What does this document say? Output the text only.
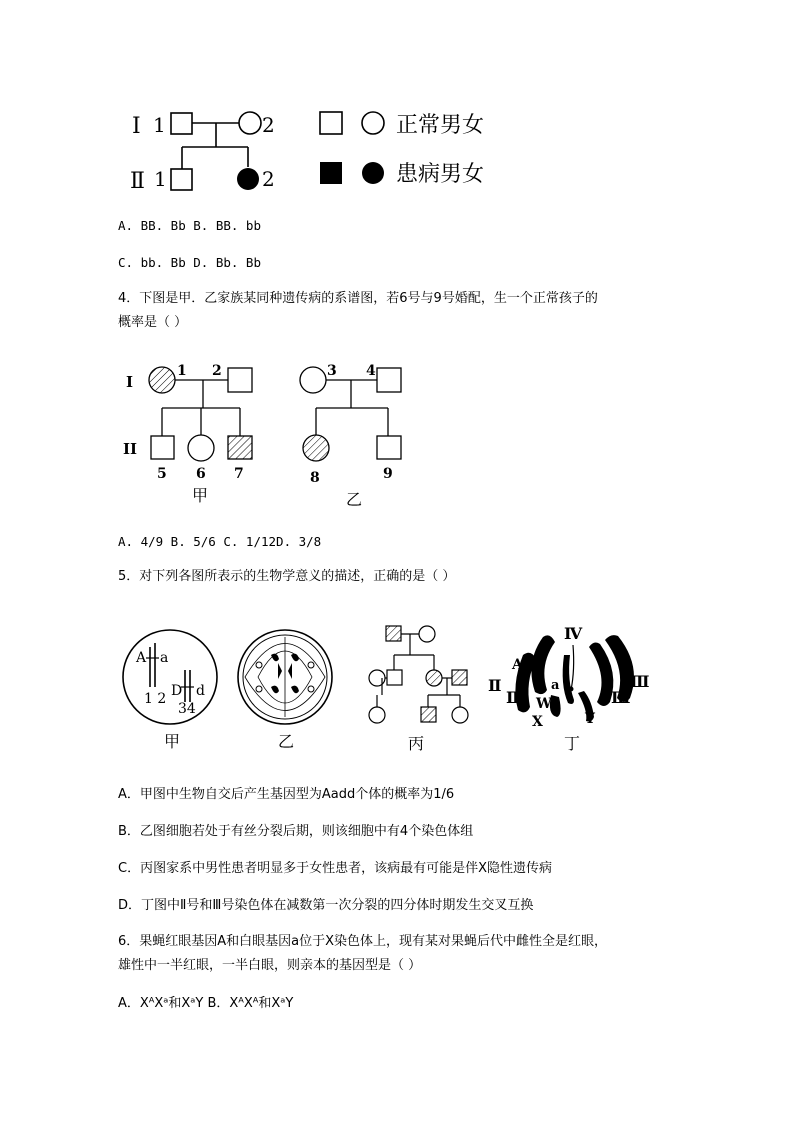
Ⅰ 1	2
Ⅱ 1	2
正常男女
患病男女
A. BB. Bb B. BB. bb
C. bb. Bb D. Bb. Bb
4．下图是甲．乙家族某同种遗传病的系谱图，若6号与9号婚配，生一个正常孩子的
概率是（ ）
I
1 2
II
5 6 7
甲
3 4
8	9
乙
A. 4/9 B. 5/6 C. 1/12D. 3/8
5．对下列各图所表示的生物学意义的描述，正确的是（ ）
A a
1 2 D d
34
甲	乙	丙
Ⅳ
A
a
W
X	Y
Ⅱ
Ⅱ
Ⅲ
Ⅲ
丁
A．甲图中生物自交后产生基因型为Aadd个体的概率为1/6
B．乙图细胞若处于有丝分裂后期，则该细胞中有4个染色体组
C．丙图家系中男性患者明显多于女性患者，该病最有可能是伴X隐性遗传病
D．丁图中Ⅱ号和Ⅲ号染色体在减数第一次分裂的四分体时期发生交叉互换
6．果蝇红眼基因A和白眼基因a位于X染色体上，现有某对果蝇后代中雌性全是红眼，
雄性中一半红眼，一半白眼，则亲本的基因型是（ ）
A．XᴬXᵃ和XᵃY B．XᴬXᴬ和XᵃY
